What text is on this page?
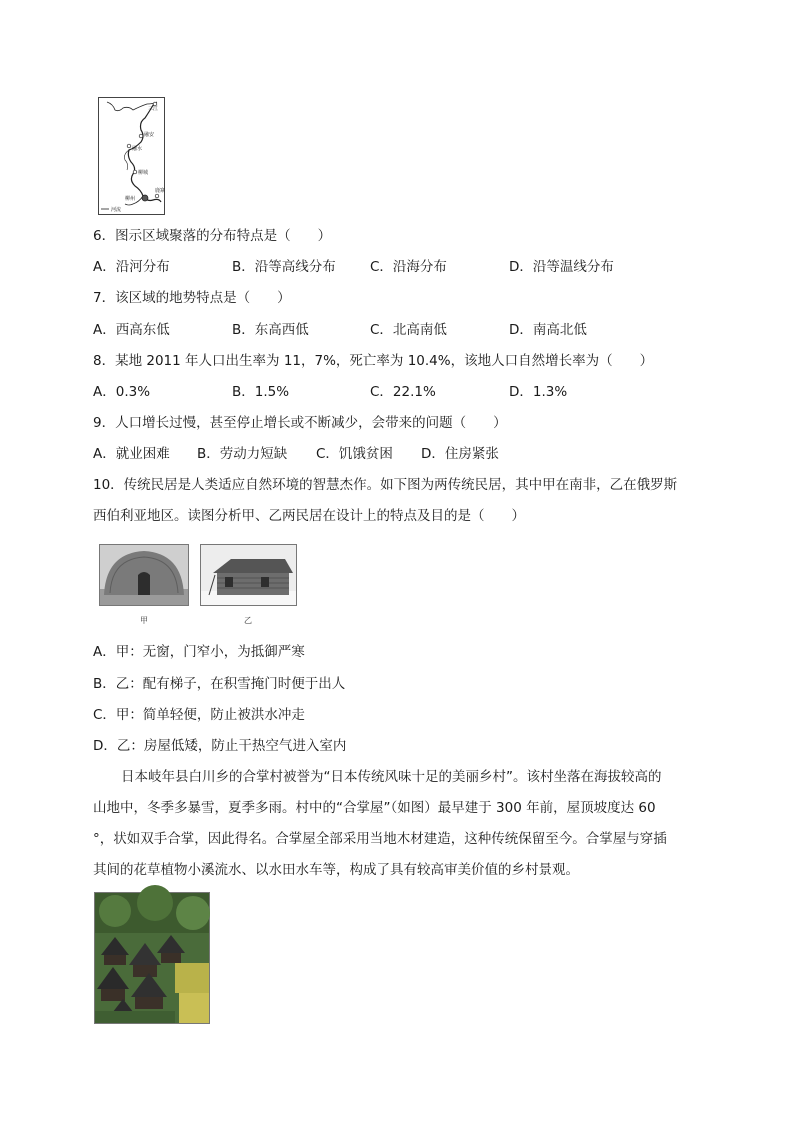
三江
融安
融水
柳城
柳州
鹿寨
河流
6．图示区域聚落的分布特点是（　　）
A．沿河分布	B．沿等高线分布	C．沿海分布	D．沿等温线分布
7．该区域的地势特点是（　　）
A．西高东低	B．东高西低	C．北高南低	D．南高北低
8．某地 2011 年人口出生率为 11，7%，死亡率为 10.4%，该地人口自然增长率为（　　）
A．0.3%	B．1.5%	C．22.1%	D．1.3%
9．人口增长过慢，甚至停止增长或不断减少，会带来的问题（　　）
A．就业困难 B．劳动力短缺 C．饥饿贫困 D．住房紧张
10．传统民居是人类适应自然环境的智慧杰作。如下图为两传统民居，其中甲在南非，乙在俄罗斯
西伯利亚地区。读图分析甲、乙两民居在设计上的特点及目的是（　　）
甲	乙
A．甲：无窗，门窄小，为抵御严寒
B．乙：配有梯子，在积雪掩门时便于出人
C．甲：简单轻便，防止被洪水冲走
D．乙：房屋低矮，防止干热空气进入室内
日本岐年县白川乡的合掌村被誉为“日本传统风味十足的美丽乡村”。该村坐落在海拔较高的
山地中，冬季多暴雪，夏季多雨。村中的“合掌屋”（如图）最早建于 300 年前，屋顶坡度达 60
°，状如双手合掌，因此得名。合掌屋全部采用当地木材建造，这种传统保留至今。合掌屋与穿插
其间的花草植物小溪流水、以水田水车等，构成了具有较高审美价值的乡村景观。
